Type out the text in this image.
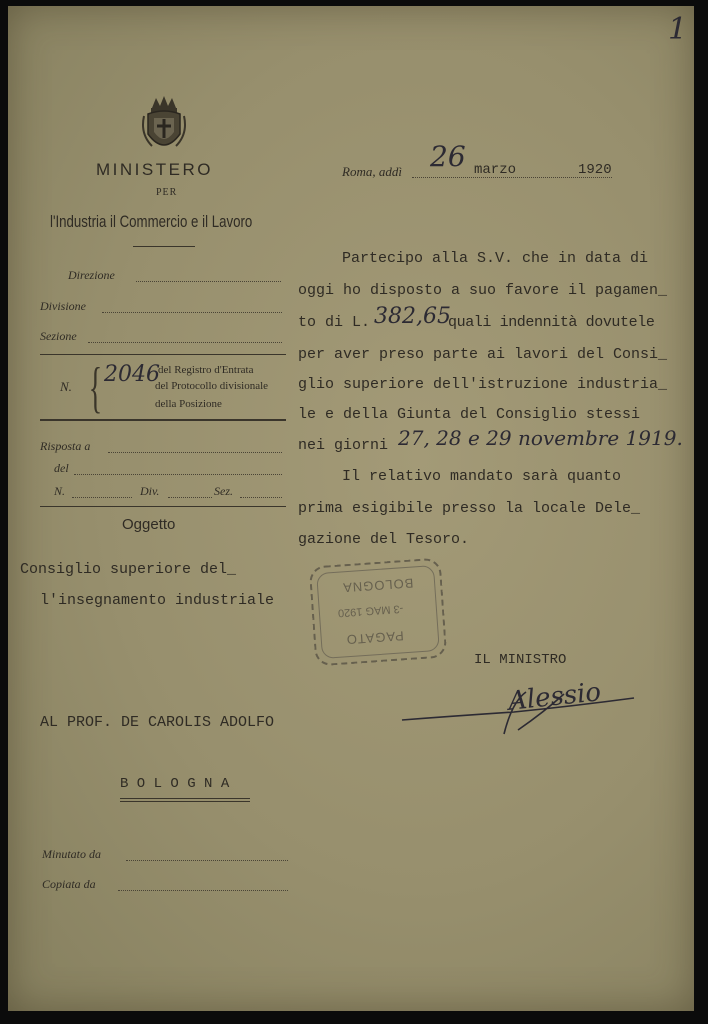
1
MINISTERO
PER
l'Industria il Commercio e il Lavoro
Direzione
Divisione
Sezione
N. { 2046
del Registro d'Entrata
del Protocollo divisionale
della Posizione
Risposta a
del
N.	Div.	Sez.
Oggetto
Consiglio superiore del_
l'insegnamento industriale
Roma, addì 26 marzo	1920
Partecipo alla S.V. che in data di
oggi ho disposto a suo favore il pagamen_
to di L. 382,65
quali indennità dovutele
per aver preso parte ai lavori del Consi_
glio superiore dell'istruzione industria_
le e della Giunta del Consiglio stessi
nei giorni 27, 28 e 29 novembre 1919.
Il relativo mandato sarà quanto
prima esigibile presso la locale Dele_
gazione del Tesoro.
BOLOGNA
-3 MAG 1920
PAGATO
IL MINISTRO
Alessio
AL PROF. DE CAROLIS ADOLFO
B O L O G N A
Minutato da
Copiata da
